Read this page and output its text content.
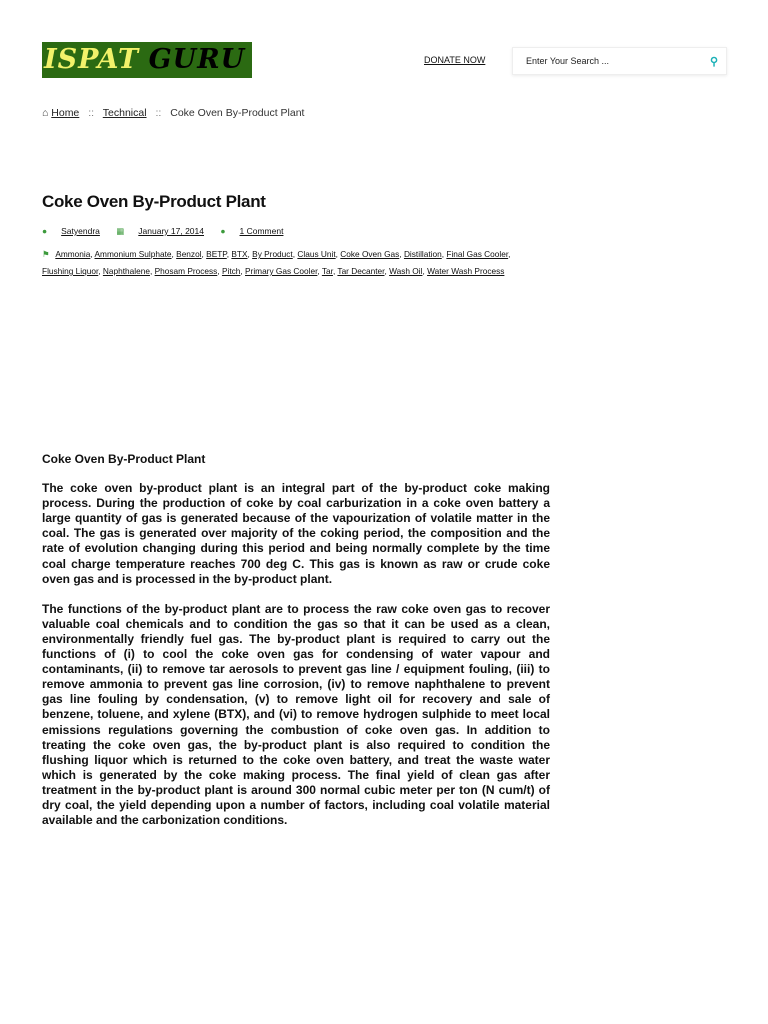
ISPAT GURU	DONATE NOW
Enter Your Search ...	⚲
⌂ Home :: Technical :: Coke Oven By-Product Plant
Coke Oven By-Product Plant
● Satyendra ▦ January 17, 2014 ● 1 Comment
⚑ Ammonia, Ammonium Sulphate, Benzol, BETP, BTX, By Product, Claus Unit, Coke Oven Gas, Distillation, Final Gas Cooler, Flushing Liquor, Naphthalene, Phosam Process, Pitch, Primary Gas Cooler, Tar, Tar Decanter, Wash Oil, Water Wash Process
Coke Oven By-Product Plant

The coke oven by-product plant is an integral part of the by-product coke making process. During the production of coke by coal carburization in a coke oven battery a large quantity of gas is generated because of the vapourization of volatile matter in the coal. The gas is generated over majority of the coking period, the composition and the rate of evolution changing during this period and being normally complete by the time coal charge temperature reaches 700 deg C. This gas is known as raw or crude coke oven gas and is processed in the by-product plant.

The functions of the by-product plant are to process the raw coke oven gas to recover valuable coal chemicals and to condition the gas so that it can be used as a clean, environmentally friendly fuel gas. The by-product plant is required to carry out the functions of (i) to cool the coke oven gas for condensing of water vapour and contaminants, (ii) to remove tar aerosols to prevent gas line / equipment fouling, (iii) to remove ammonia to prevent gas line corrosion, (iv) to remove naphthalene to prevent gas line fouling by condensation, (v) to remove light oil for recovery and sale of benzene, toluene, and xylene (BTX), and (vi) to remove hydrogen sulphide to meet local emissions regulations governing the combustion of coke oven gas. In addition to treating the coke oven gas, the by-product plant is also required to condition the flushing liquor which is returned to the coke oven battery, and treat the waste water which is generated by the coke making process. The final yield of clean gas after treatment in the by-product plant is around 300 normal cubic meter per ton (N cum/t) of dry coal, the yield depending upon a number of factors, including coal volatile material available and the carbonization conditions.
